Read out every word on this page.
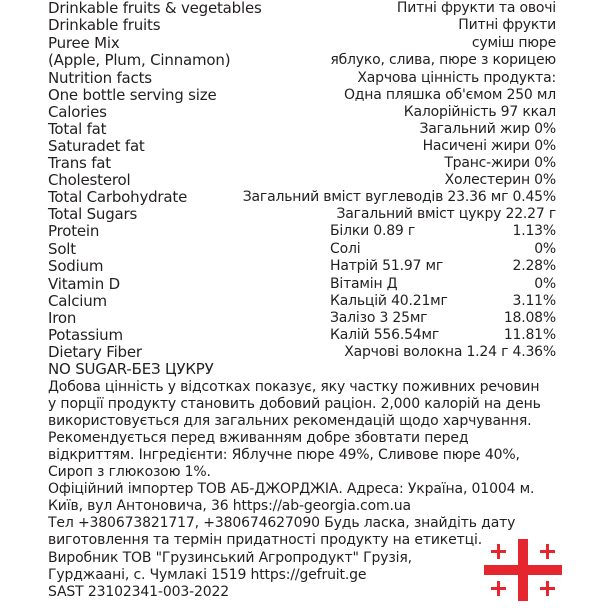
Drinkable fruits & vegetables	Питні фрукти та овочі
Drinkable fruits	Питні фрукти
Puree Mix	суміш пюре
(Apple, Plum, Cinnamon)	яблуко, слива, пюре з корицею
Nutrition facts	Харчова цінність продукта:
One bottle serving size	Одна пляшка об'ємом 250 мл
Calories	Калорійність 97 ккал
Total fat	Загальний жир 0%
Saturadet fat	Насичені жири 0%
Trans fat	Транс-жири 0%
Cholesterol	Холестерин 0%
Total Carbohydrate	Загальний вміст вуглеводів 23.36 мг 0.45%
Total Sugars	Загальний вміст цукру 22.27 г
Protein	Білки 0.89 г	1.13%
Solt	Солі	0%
Sodium	Натрій 51.97 мг	2.28%
Vitamin D	Вітамін Д	0%
Calcium	Кальцій 40.21мг	3.11%
Iron	Залізо 3 25мг	18.08%
Potassium	Калій 556.54мг	11.81%
Dietary Fiber	Харчові волокна 1.24 г 4.36%
NO SUGAR-БЕЗ ЦУКРУ
Добова цінність у відсотках показує, яку частку поживних речовин
у порції продукту становить добовий раціон. 2,000 калорій на день
використовується для загальних рекомендацій щодо харчування.
Рекомендується перед вживанням добре збовтати перед
відкриттям. Інгредієнти: Яблучне пюре 49%, Сливове пюре 40%,
Сироп з глюкозою 1%.
Офіційний імпортер ТОВ АБ-ДЖОРДЖІА. Адреса: Україна, 01004 м.
Київ, вул Антоновича, 36 https://ab-georgia.com.ua
Тел +380673821717, +380674627090 Будь ласка, знайдіть дату
виготовлення та термін придатності продукту на етикетці.
Виробник ТОВ "Грузинський Агропродукт" Грузія,
Гурджаані, с. Чумлакі 1519 https://gefruit.ge
SAST 23102341-003-2022
